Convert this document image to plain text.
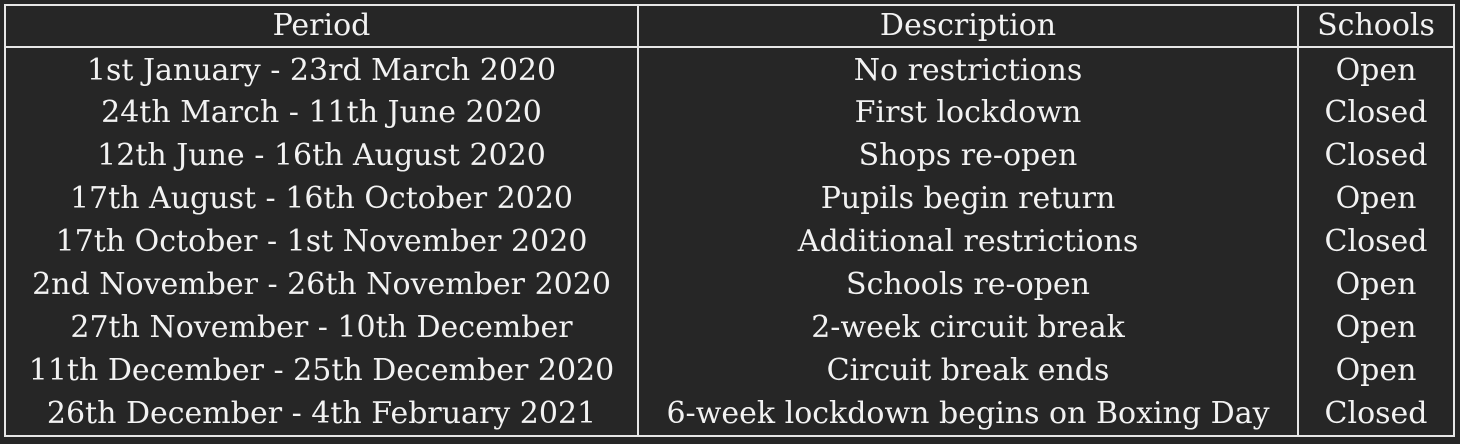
Period	Description	Schools
1st January - 23rd March 2020	No restrictions	Open
24th March - 11th June 2020	First lockdown	Closed
12th June - 16th August 2020	Shops re-open	Closed
17th August - 16th October 2020	Pupils begin return	Open
17th October - 1st November 2020	Additional restrictions	Closed
2nd November - 26th November 2020	Schools re-open	Open
27th November - 10th December	2-week circuit break	Open
11th December - 25th December 2020	Circuit break ends	Open
26th December - 4th February 2021	6-week lockdown begins on Boxing Day	Closed
